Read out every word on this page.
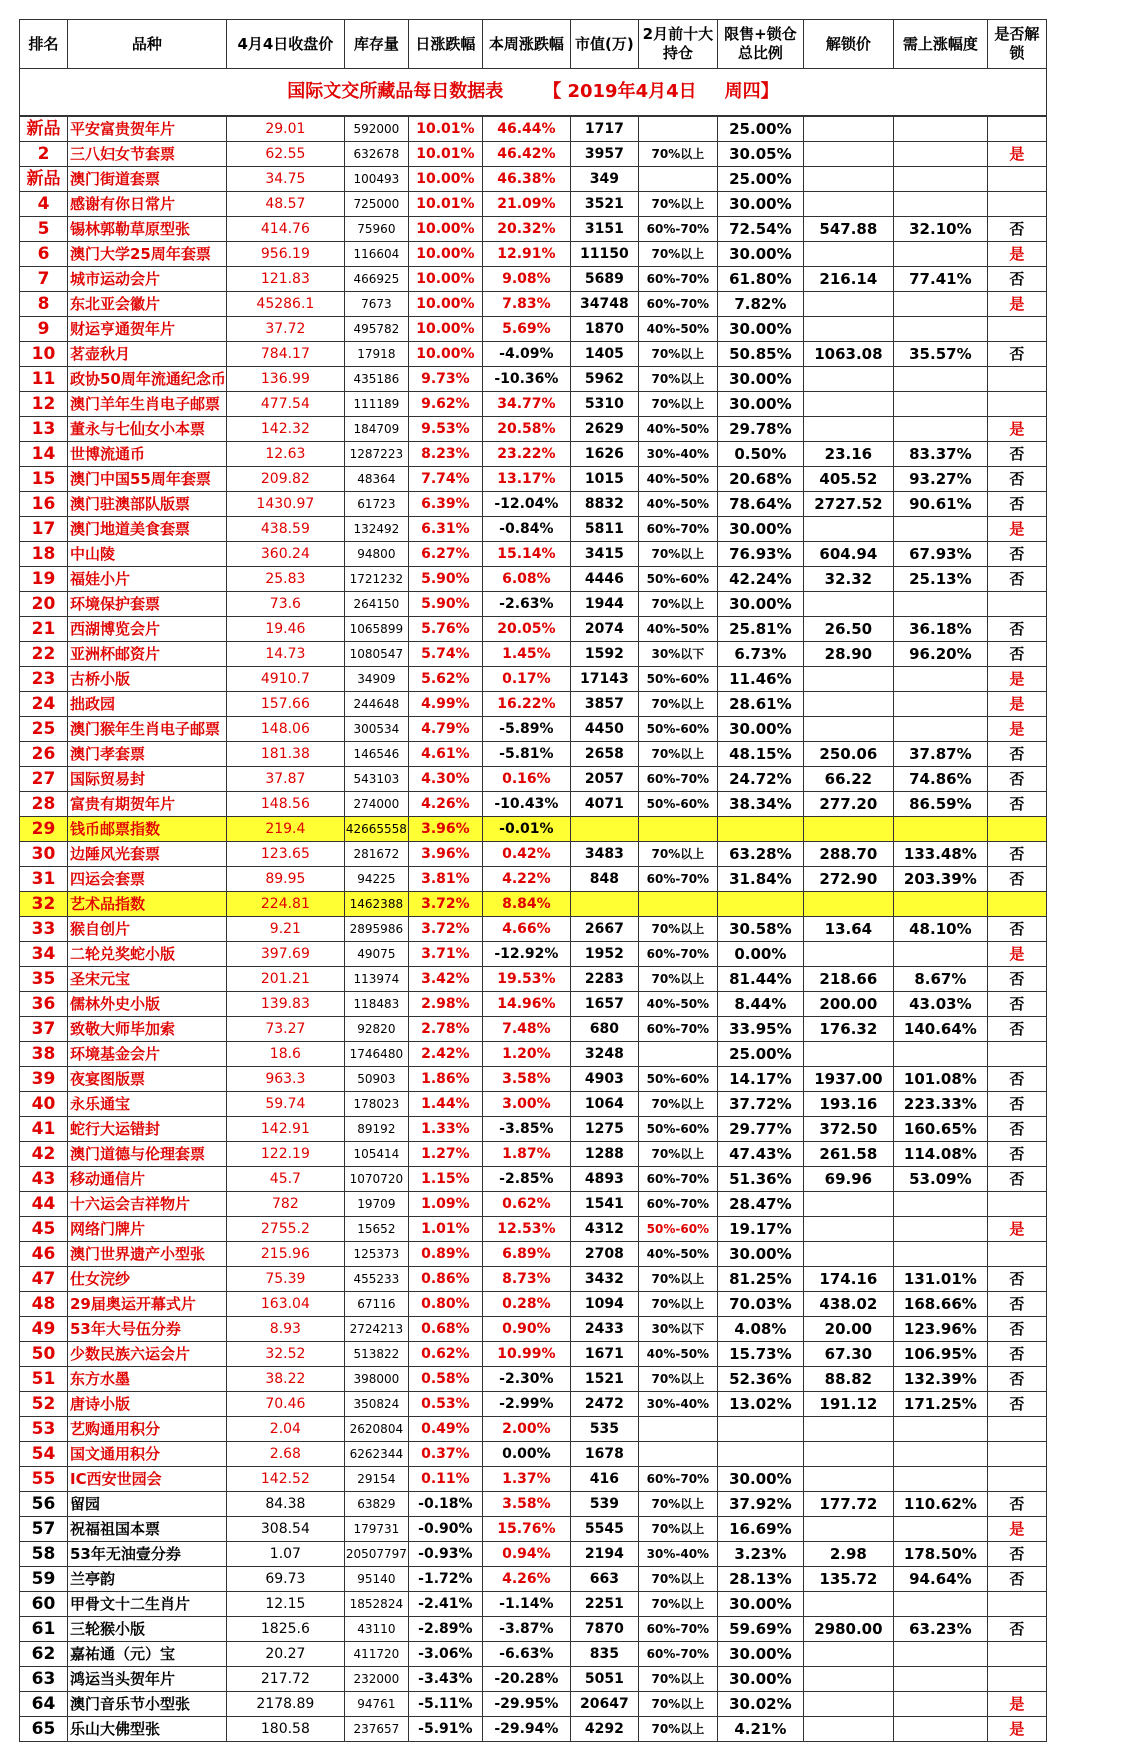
国际文交所藏品每日数据表 【 2019年4月4日 周四】											
排名	品种	4月4日收盘价	库存量	日涨跌幅	本周涨跌幅	市值(万)	2月前十大持仓	限售+锁仓总比例	解锁价	需上涨幅度	是否解锁
新品	平安富贵贺年片	29.01	592000	10.01%	46.44%	1717		25.00%			
2	三八妇女节套票	62.55	632678	10.01%	46.42%	3957	70%以上	30.05%			是
新品	澳门街道套票	34.75	100493	10.00%	46.38%	349		25.00%			
4	感谢有你日常片	48.57	725000	10.01%	21.09%	3521	70%以上	30.00%			
5	锡林郭勒草原型张	414.76	75960	10.00%	20.32%	3151	60%-70%	72.54%	547.88	32.10%	否
6	澳门大学25周年套票	956.19	116604	10.00%	12.91%	11150	70%以上	30.00%			是
7	城市运动会片	121.83	466925	10.00%	9.08%	5689	60%-70%	61.80%	216.14	77.41%	否
8	东北亚会徽片	45286.1	7673	10.00%	7.83%	34748	60%-70%	7.82%			是
9	财运亨通贺年片	37.72	495782	10.00%	5.69%	1870	40%-50%	30.00%			
10	茗壶秋月	784.17	17918	10.00%	-4.09%	1405	70%以上	50.85%	1063.08	35.57%	否
11	政协50周年流通纪念币	136.99	435186	9.73%	-10.36%	5962	70%以上	30.00%			
12	澳门羊年生肖电子邮票	477.54	111189	9.62%	34.77%	5310	70%以上	30.00%			
13	董永与七仙女小本票	142.32	184709	9.53%	20.58%	2629	40%-50%	29.78%			是
14	世博流通币	12.63	1287223	8.23%	23.22%	1626	30%-40%	0.50%	23.16	83.37%	否
15	澳门中国55周年套票	209.82	48364	7.74%	13.17%	1015	40%-50%	20.68%	405.52	93.27%	否
16	澳门驻澳部队版票	1430.97	61723	6.39%	-12.04%	8832	40%-50%	78.64%	2727.52	90.61%	否
17	澳门地道美食套票	438.59	132492	6.31%	-0.84%	5811	60%-70%	30.00%			是
18	中山陵	360.24	94800	6.27%	15.14%	3415	70%以上	76.93%	604.94	67.93%	否
19	福娃小片	25.83	1721232	5.90%	6.08%	4446	50%-60%	42.24%	32.32	25.13%	否
20	环境保护套票	73.6	264150	5.90%	-2.63%	1944	70%以上	30.00%			
21	西湖博览会片	19.46	1065899	5.76%	20.05%	2074	40%-50%	25.81%	26.50	36.18%	否
22	亚洲杯邮资片	14.73	1080547	5.74%	1.45%	1592	30%以下	6.73%	28.90	96.20%	否
23	古桥小版	4910.7	34909	5.62%	0.17%	17143	50%-60%	11.46%			是
24	拙政园	157.66	244648	4.99%	16.22%	3857	70%以上	28.61%			是
25	澳门猴年生肖电子邮票	148.06	300534	4.79%	-5.89%	4450	50%-60%	30.00%			是
26	澳门孝套票	181.38	146546	4.61%	-5.81%	2658	70%以上	48.15%	250.06	37.87%	否
27	国际贸易封	37.87	543103	4.30%	0.16%	2057	60%-70%	24.72%	66.22	74.86%	否
28	富贵有期贺年片	148.56	274000	4.26%	-10.43%	4071	50%-60%	38.34%	277.20	86.59%	否
29	钱币邮票指数	219.4	42665558	3.96%	-0.01%						
30	边陲风光套票	123.65	281672	3.96%	0.42%	3483	70%以上	63.28%	288.70	133.48%	否
31	四运会套票	89.95	94225	3.81%	4.22%	848	60%-70%	31.84%	272.90	203.39%	否
32	艺术品指数	224.81	1462388	3.72%	8.84%						
33	猴自创片	9.21	2895986	3.72%	4.66%	2667	70%以上	30.58%	13.64	48.10%	否
34	二轮兑奖蛇小版	397.69	49075	3.71%	-12.92%	1952	60%-70%	0.00%			是
35	圣宋元宝	201.21	113974	3.42%	19.53%	2283	70%以上	81.44%	218.66	8.67%	否
36	儒林外史小版	139.83	118483	2.98%	14.96%	1657	40%-50%	8.44%	200.00	43.03%	否
37	致敬大师毕加索	73.27	92820	2.78%	7.48%	680	60%-70%	33.95%	176.32	140.64%	否
38	环境基金会片	18.6	1746480	2.42%	1.20%	3248		25.00%			
39	夜宴图版票	963.3	50903	1.86%	3.58%	4903	50%-60%	14.17%	1937.00	101.08%	否
40	永乐通宝	59.74	178023	1.44%	3.00%	1064	70%以上	37.72%	193.16	223.33%	否
41	蛇行大运错封	142.91	89192	1.33%	-3.85%	1275	50%-60%	29.77%	372.50	160.65%	否
42	澳门道德与伦理套票	122.19	105414	1.27%	1.87%	1288	70%以上	47.43%	261.58	114.08%	否
43	移动通信片	45.7	1070720	1.15%	-2.85%	4893	60%-70%	51.36%	69.96	53.09%	否
44	十六运会吉祥物片	782	19709	1.09%	0.62%	1541	60%-70%	28.47%			
45	网络门牌片	2755.2	15652	1.01%	12.53%	4312	50%-60%	19.17%			是
46	澳门世界遗产小型张	215.96	125373	0.89%	6.89%	2708	40%-50%	30.00%			
47	仕女浣纱	75.39	455233	0.86%	8.73%	3432	70%以上	81.25%	174.16	131.01%	否
48	29届奥运开幕式片	163.04	67116	0.80%	0.28%	1094	70%以上	70.03%	438.02	168.66%	否
49	53年大号伍分券	8.93	2724213	0.68%	0.90%	2433	30%以下	4.08%	20.00	123.96%	否
50	少数民族六运会片	32.52	513822	0.62%	10.99%	1671	40%-50%	15.73%	67.30	106.95%	否
51	东方水墨	38.22	398000	0.58%	-2.30%	1521	70%以上	52.36%	88.82	132.39%	否
52	唐诗小版	70.46	350824	0.53%	-2.99%	2472	30%-40%	13.02%	191.12	171.25%	否
53	艺购通用积分	2.04	2620804	0.49%	2.00%	535					
54	国文通用积分	2.68	6262344	0.37%	0.00%	1678					
55	IC西安世园会	142.52	29154	0.11%	1.37%	416	60%-70%	30.00%			
56	留园	84.38	63829	-0.18%	3.58%	539	70%以上	37.92%	177.72	110.62%	否
57	祝福祖国本票	308.54	179731	-0.90%	15.76%	5545	70%以上	16.69%			是
58	53年无油壹分券	1.07	20507797	-0.93%	0.94%	2194	30%-40%	3.23%	2.98	178.50%	否
59	兰亭韵	69.73	95140	-1.72%	4.26%	663	70%以上	28.13%	135.72	94.64%	否
60	甲骨文十二生肖片	12.15	1852824	-2.41%	-1.14%	2251	70%以上	30.00%			
61	三轮猴小版	1825.6	43110	-2.89%	-3.87%	7870	60%-70%	59.69%	2980.00	63.23%	否
62	嘉祐通（元）宝	20.27	411720	-3.06%	-6.63%	835	60%-70%	30.00%			
63	鸿运当头贺年片	217.72	232000	-3.43%	-20.28%	5051	70%以上	30.00%			
64	澳门音乐节小型张	2178.89	94761	-5.11%	-29.95%	20647	70%以上	30.02%			是
65	乐山大佛型张	180.58	237657	-5.91%	-29.94%	4292	70%以上	4.21%			是
